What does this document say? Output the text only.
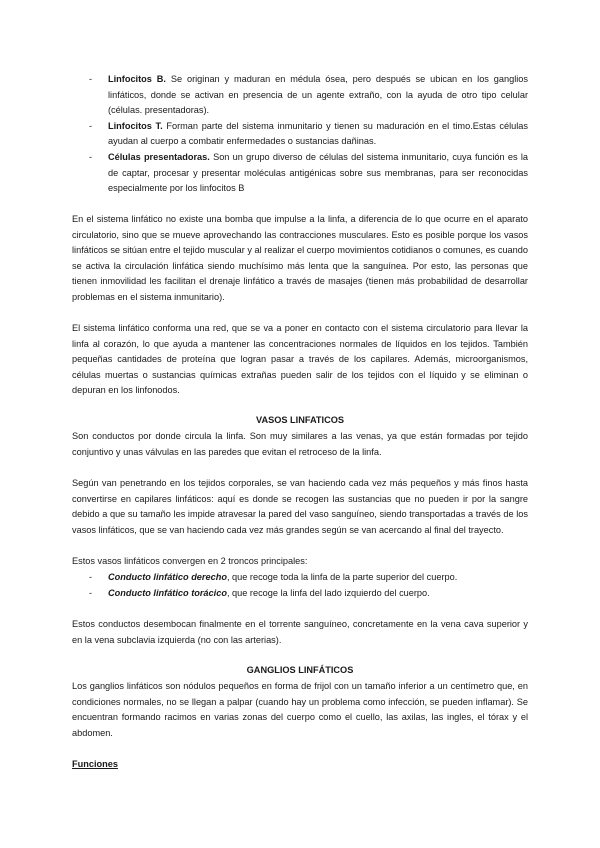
- Linfocitos B. Se originan y maduran en médula ósea, pero después se ubican en los ganglios linfáticos, donde se activan en presencia de un agente extraño, con la ayuda de otro tipo celular (células. presentadoras).
- Linfocitos T. Forman parte del sistema inmunitario y tienen su maduración en el timo.Estas células ayudan al cuerpo a combatir enfermedades o sustancias dañinas.
- Células presentadoras. Son un grupo diverso de células del sistema inmunitario, cuya función es la de captar, procesar y presentar moléculas antigénicas sobre sus membranas, para ser reconocidas especialmente por los linfocitos B

En el sistema linfático no existe una bomba que impulse a la linfa, a diferencia de lo que ocurre en el aparato circulatorio, sino que se mueve aprovechando las contracciones musculares. Esto es posible porque los vasos linfáticos se sitúan entre el tejido muscular y al realizar el cuerpo movimientos cotidianos o comunes, es cuando se activa la circulación linfática siendo muchísimo más lenta que la sanguínea. Por esto, las personas que tienen inmovilidad les facilitan el drenaje linfático a través de masajes (tienen más probabilidad de desarrollar problemas en el sistema inmunitario).

El sistema linfático conforma una red, que se va a poner en contacto con el sistema circulatorio para llevar la linfa al corazón, lo que ayuda a mantener las concentraciones normales de líquidos en los tejidos. También pequeñas cantidades de proteína que logran pasar a través de los capilares. Además, microorganismos, células muertas o sustancias químicas extrañas pueden salir de los tejidos con el líquido y se eliminan o depuran en los linfonodos.

VASOS LINFATICOS

Son conductos por donde circula la linfa. Son muy similares a las venas, ya que están formadas por tejido conjuntivo y unas válvulas en las paredes que evitan el retroceso de la linfa.

Según van penetrando en los tejidos corporales, se van haciendo cada vez más pequeños y más finos hasta convertirse en capilares linfáticos: aquí es donde se recogen las sustancias que no pueden ir por la sangre debido a que su tamaño les impide atravesar la pared del vaso sanguíneo, siendo transportadas a través de los vasos linfáticos, que se van haciendo cada vez más grandes según se van acercando al final del trayecto.

Estos vasos linfáticos convergen en 2 troncos principales:

- Conducto linfático derecho, que recoge toda la linfa de la parte superior del cuerpo.
- Conducto linfático torácico, que recoge la linfa del lado izquierdo del cuerpo.

Estos conductos desembocan finalmente en el torrente sanguíneo, concretamente en la vena cava superior y en la vena subclavia izquierda (no con las arterias).

GANGLIOS LINFÁTICOS

Los ganglios linfáticos son nódulos pequeños en forma de frijol con un tamaño inferior a un centímetro que, en condiciones normales, no se llegan a palpar (cuando hay un problema como infección, se pueden inflamar). Se encuentran formando racimos en varias zonas del cuerpo como el cuello, las axilas, las ingles, el tórax y el abdomen.

Funciones
